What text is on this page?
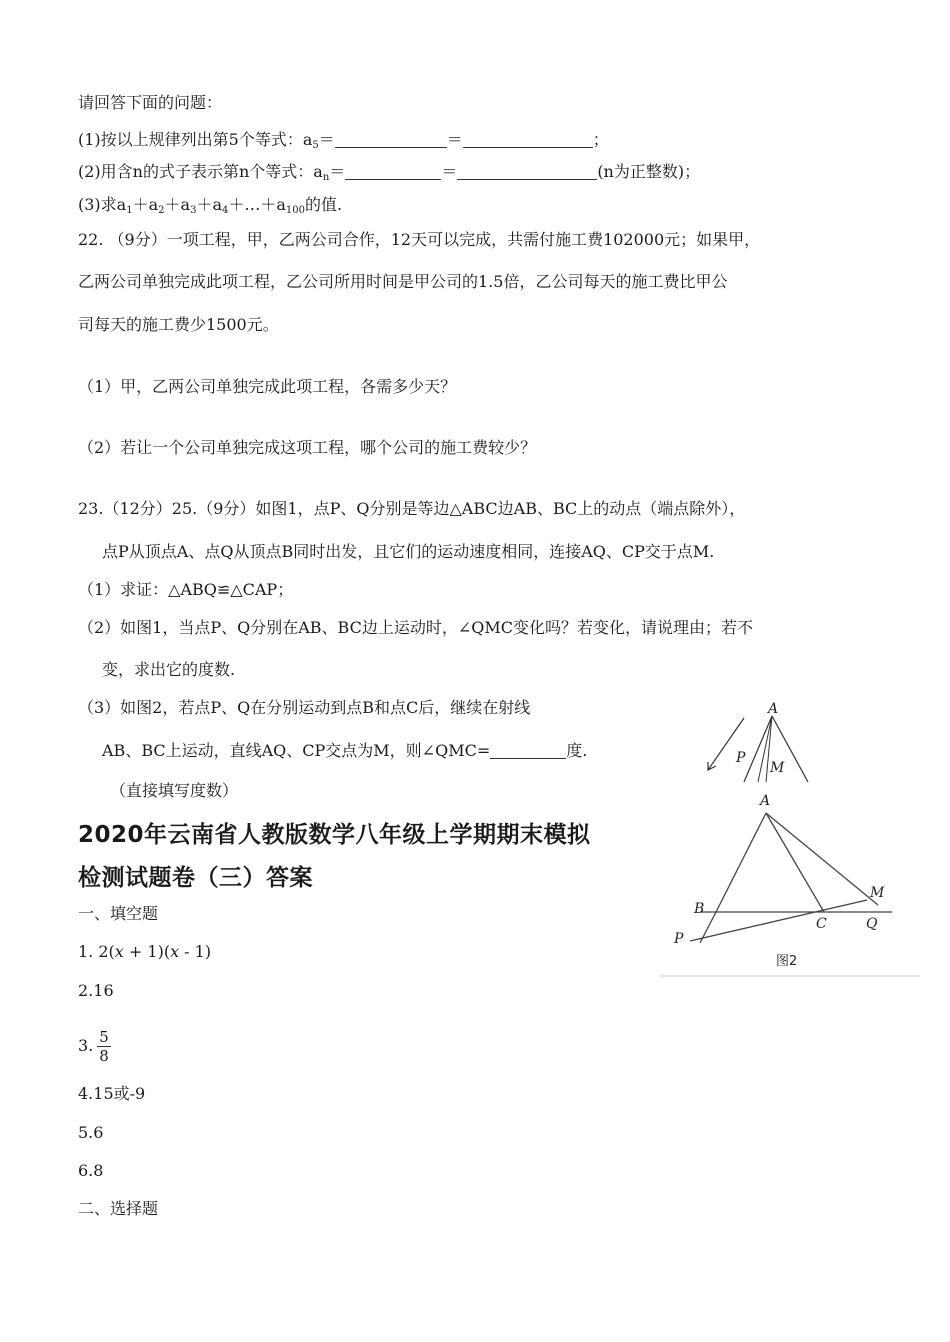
请回答下面的问题：
(1)按以上规律列出第5个等式：$a_5=$	＝	；
(2)用含n的式子表示第n个等式：$a_n=$	＝	(n为正整数)；
(3)求$a_1+a_2+a_3+a_4+\dots+a_{100}$的值.
22. （9分）一项工程，甲，乙两公司合作，12天可以完成，共需付施工费102000元；如果甲，
乙两公司单独完成此项工程，乙公司所用时间是甲公司的1.5倍，乙公司每天的施工费比甲公
司每天的施工费少1500元。
（1）甲，乙两公司单独完成此项工程，各需多少天？
（2）若让一个公司单独完成这项工程，哪个公司的施工费较少？
23.（12分）25.（9分）如图1，点P、Q分别是等边△ABC边AB、BC上的动点（端点除外），
点P从顶点A、点Q从顶点B同时出发，且它们的运动速度相同，连接AQ、CP交于点M.
（1）求证：△ABQ≌△CAP；
（2）如图1，当点P、Q分别在AB、BC边上运动时，∠QMC变化吗？若变化，请说理由；若不
变，求出它的度数.
（3）如图2，若点P、Q在分别运动到点B和点C后，继续在射线
AB、BC上运动，直线AQ、CP交点为M，则∠QMC=	度.
（直接填写度数）
A
P
M
A
B
C
M
Q
P
图2
2020年云南省人教版数学八年级上学期期末模拟
检测试题卷（三）答案
一、填空题
1. 2(x + 1)(x - 1)
2.16
3. $\frac{5}{8}$
4.15或-9
5.6
6.8
二、选择题
